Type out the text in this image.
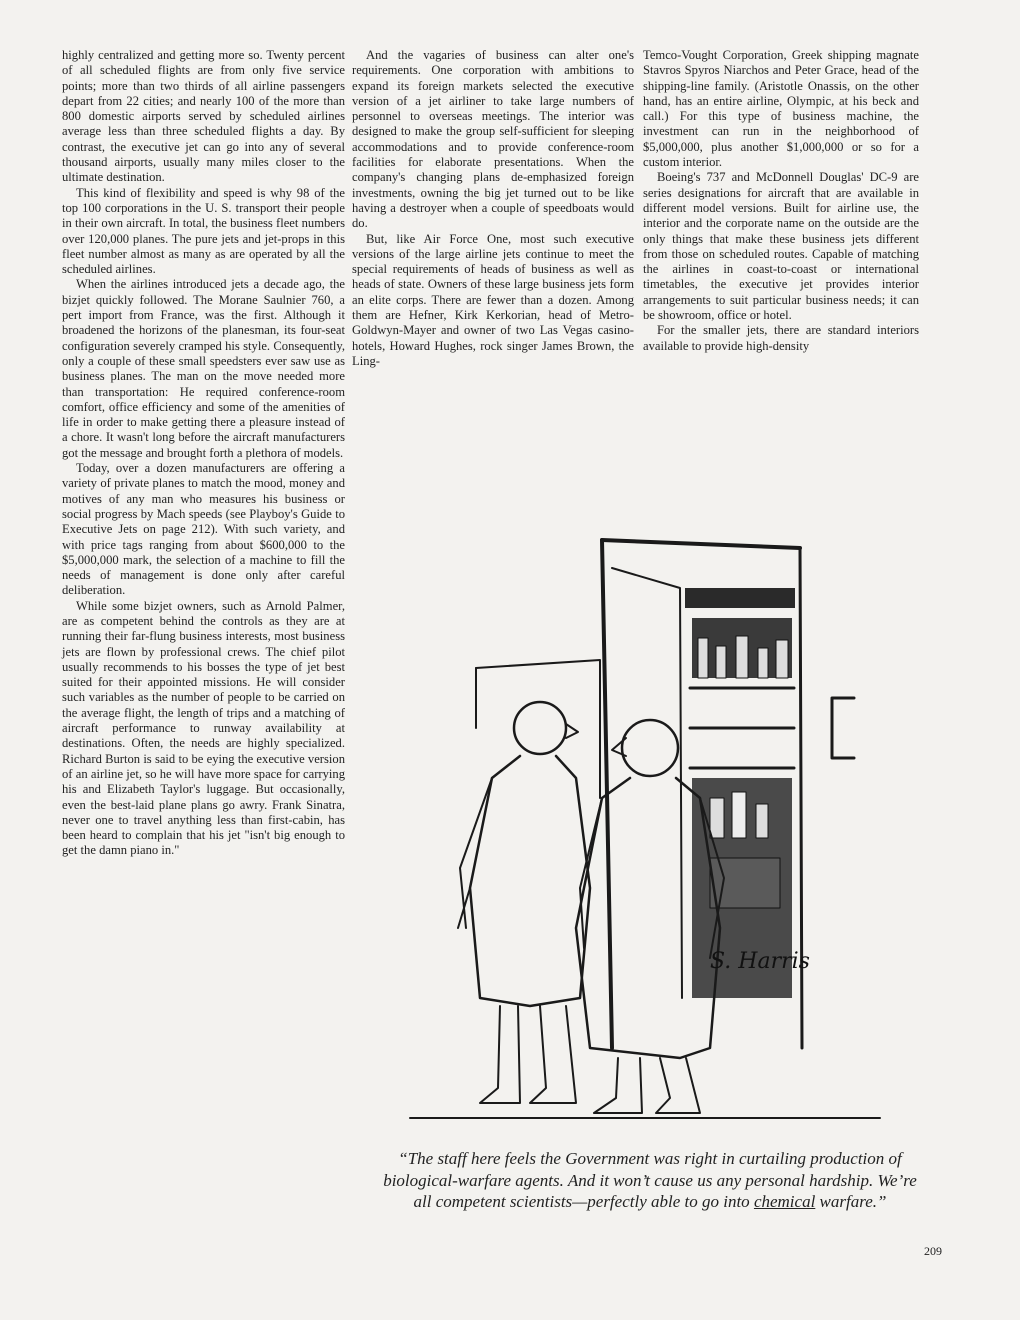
highly centralized and getting more so. Twenty percent of all scheduled flights are from only five service points; more than two thirds of all airline passengers depart from 22 cities; and nearly 100 of the more than 800 domestic airports served by scheduled airlines average less than three scheduled flights a day. By contrast, the executive jet can go into any of several thousand airports, usually many miles closer to the ultimate destination.

This kind of flexibility and speed is why 98 of the top 100 corporations in the U. S. transport their people in their own aircraft. In total, the business fleet numbers over 120,000 planes. The pure jets and jet-props in this fleet number almost as many as are operated by all the scheduled airlines.

When the airlines introduced jets a decade ago, the bizjet quickly followed. The Morane Saulnier 760, a pert import from France, was the first. Although it broadened the horizons of the planesman, its four-seat configuration severely cramped his style. Consequently, only a couple of these small speedsters ever saw use as business planes. The man on the move needed more than transportation: He required conference-room comfort, office efficiency and some of the amenities of life in order to make getting there a pleasure instead of a chore. It wasn't long before the aircraft manufacturers got the message and brought forth a plethora of models.

Today, over a dozen manufacturers are offering a variety of private planes to match the mood, money and motives of any man who measures his business or social progress by Mach speeds (see Playboy's Guide to Executive Jets on page 212). With such variety, and with price tags ranging from about $600,000 to the $5,000,000 mark, the selection of a machine to fill the needs of management is done only after careful deliberation.

While some bizjet owners, such as Arnold Palmer, are as competent behind the controls as they are at running their far-flung business interests, most business jets are flown by professional crews. The chief pilot usually recommends to his bosses the type of jet best suited for their appointed missions. He will consider such variables as the number of people to be carried on the average flight, the length of trips and a matching of aircraft performance to runway availability at destinations. Often, the needs are highly specialized. Richard Burton is said to be eying the executive version of an airline jet, so he will have more space for carrying his and Elizabeth Taylor's luggage. But occasionally, even the best-laid plane plans go awry. Frank Sinatra, never one to travel anything less than first-cabin, has been heard to complain that his jet "isn't big enough to get the damn piano in."

And the vagaries of business can alter one's requirements. One corporation with ambitions to expand its foreign markets selected the executive version of a jet airliner to take large numbers of personnel to overseas meetings. The interior was designed to make the group self-sufficient for sleeping accommodations and to provide conference-room facilities for elaborate presentations. When the company's changing plans de-emphasized foreign investments, owning the big jet turned out to be like having a destroyer when a couple of speedboats would do.

But, like Air Force One, most such executive versions of the large airline jets continue to meet the special requirements of heads of business as well as heads of state. Owners of these large business jets form an elite corps. There are fewer than a dozen. Among them are Hefner, Kirk Kerkorian, head of Metro-Goldwyn-Mayer and owner of two Las Vegas casino-hotels, Howard Hughes, rock singer James Brown, the Ling-

Temco-Vought Corporation, Greek shipping magnate Stavros Spyros Niarchos and Peter Grace, head of the shipping-line family. (Aristotle Onassis, on the other hand, has an entire airline, Olympic, at his beck and call.) For this type of business machine, the investment can run in the neighborhood of $5,000,000, plus another $1,000,000 or so for a custom interior.

Boeing's 737 and McDonnell Douglas' DC-9 are series designations for aircraft that are available in different model versions. Built for airline use, the interior and the corporate name on the outside are the only things that make these business jets different from those on scheduled routes. Capable of matching the airlines in coast-to-coast or international timetables, the executive jet provides interior arrangements to suit particular business needs; it can be showroom, office or hotel.

For the smaller jets, there are standard interiors available to provide high-density

S. Harris
“The staff here feels the Government was right in curtailing production of biological-warfare agents. And it won’t cause us any personal hardship. We’re all competent scientists—perfectly able to go into chemical warfare.”
209
